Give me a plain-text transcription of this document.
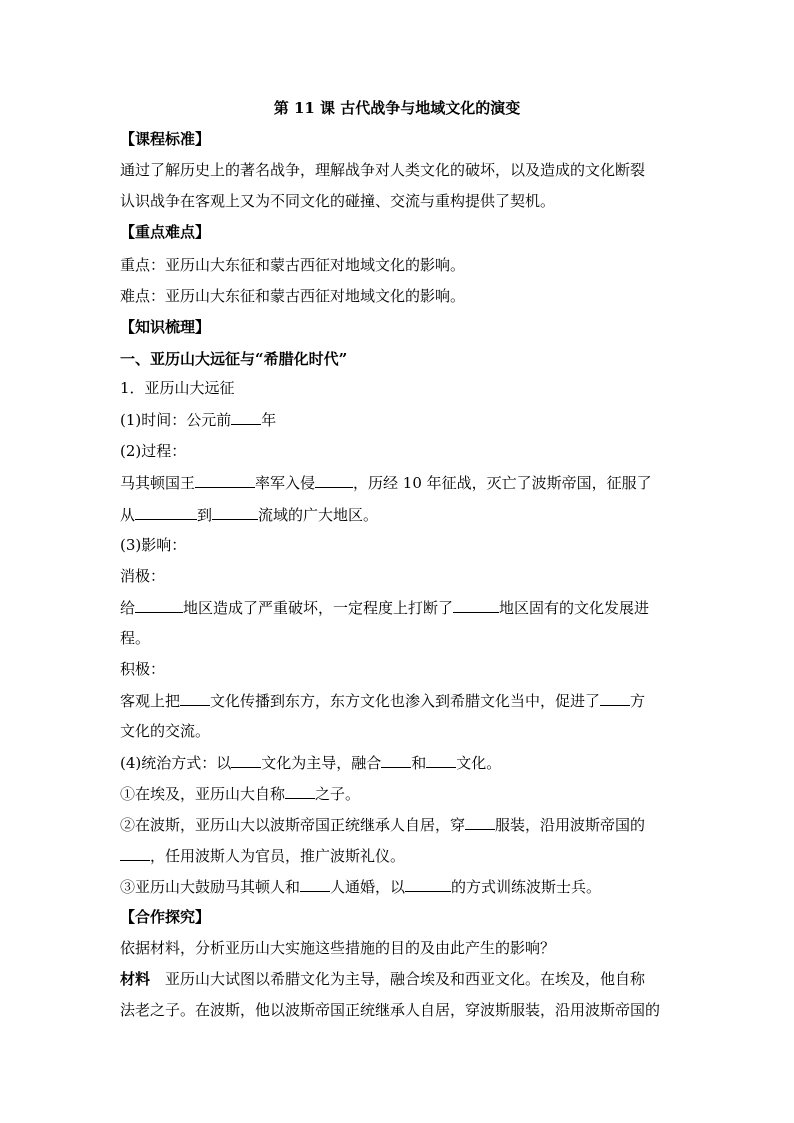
第 11 课 古代战争与地域文化的演变
【课程标准】
通过了解历史上的著名战争，理解战争对人类文化的破坏，以及造成的文化断裂
认识战争在客观上又为不同文化的碰撞、交流与重构提供了契机。
【重点难点】
重点：亚历山大东征和蒙古西征对地域文化的影响。
难点：亚历山大东征和蒙古西征对地域文化的影响。
【知识梳理】
一、亚历山大远征与“希腊化时代”
1．亚历山大远征
(1)时间：公元前 年
(2)过程：
马其顿国王	率军入侵	，历经 10 年征战，灭亡了波斯帝国，征服了
从	到	流域的广大地区。
(3)影响：
消极：
给	地区造成了严重破坏，一定程度上打断了	地区固有的文化发展进
程。
积极：
客观上把 文化传播到东方，东方文化也渗入到希腊文化当中，促进了 方
文化的交流。
(4)统治方式：以 文化为主导，融合 和 文化。
①在埃及，亚历山大自称 之子。
②在波斯，亚历山大以波斯帝国正统继承人自居，穿 服装，沿用波斯帝国的
，任用波斯人为官员，推广波斯礼仪。
③亚历山大鼓励马其顿人和 人通婚，以	的方式训练波斯士兵。
【合作探究】
依据材料，分析亚历山大实施这些措施的目的及由此产生的影响？
材料 亚历山大试图以希腊文化为主导，融合埃及和西亚文化。在埃及，他自称
法老之子。在波斯，他以波斯帝国正统继承人自居，穿波斯服装，沿用波斯帝国的
